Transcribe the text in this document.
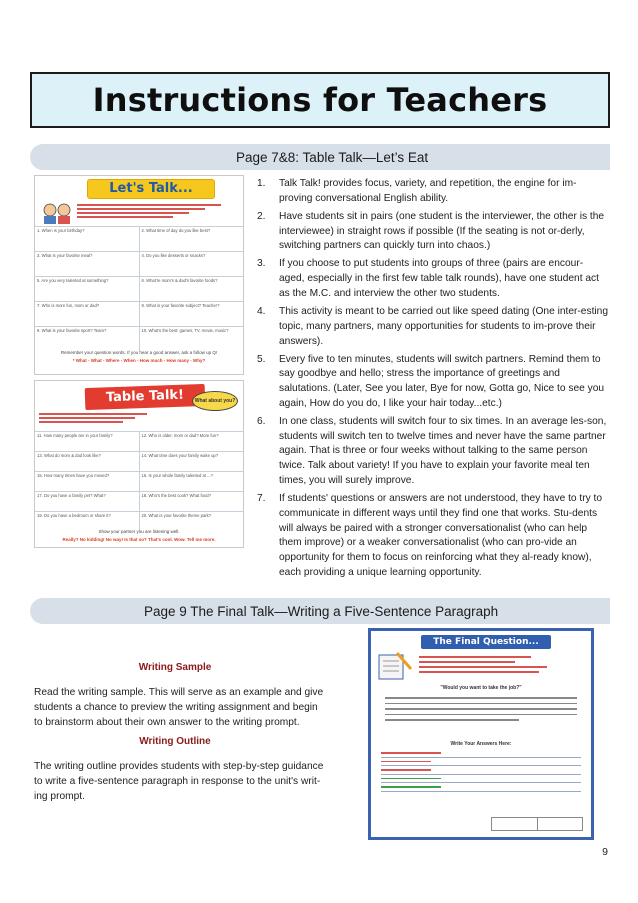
Instructions for Teachers
Page 7&8: Table Talk—Let’s Eat
Let's Talk...
1. When is your birthday?	2. What time of day do you like best?
3. What is your favorite meal?	4. Do you like desserts or snacks?
5. Are you very talented at something?	6. What're mom's & dad's favorite foods?
7. Who is more fun, mom or dad?	8. What is your favorite subject? Teacher?
9. What is your favorite sport? Team?	10. What's the best: games, TV, movie, music?
Remember your question words. If you hear a good answer, ask a follow up Q!
* What - What - Where - When - How much - How many - Why?
Table Talk!	What about you?
11. How many people are in your family?	12. Who is older, mom or dad? More fun?
13. What do mom & dad look like?	14. What time does your family wake up?
15. How many times have you moved?	16. Is your whole family talented at ...?
17. Do you have a family pet? What?	18. Who's the best cook? What food?
19. Do you have a bedroom or share it?	20. What is your favorite theme park?
Show your partner you are listening well.
Really? No kidding! No way! Is that so? That's cool. Wow. Tell me more.
1. Talk Talk! provides focus, variety, and repetition, the engine for im-proving conversational English ability.
2. Have students sit in pairs (one student is the interviewer, the other is the interviewee) in straight rows if possible (If the seating is not or-derly, switching partners can quickly turn into chaos.)
3. If you choose to put students into groups of three (pairs are encour-aged, especially in the first few table talk rounds), have one student act as the M.C. and interview the other two students.
4. This activity is meant to be carried out like speed dating (One inter-esting topic, many partners, many opportunities for students to im-prove their answers).
5. Every five to ten minutes, students will switch partners. Remind them to say goodbye and hello; stress the importance of greetings and salutations. (Later, See you later, Bye for now, Gotta go, Nice to see you again, How do you do, I like your hair today...etc.)
6. In one class, students will switch four to six times. In an average les-son, students will switch ten to twelve times and never have the same partner again. That is three or four weeks without talking to the same person twice. Talk about variety! If you have to explain your favorite meal ten times, you will surely improve.
7. If students' questions or answers are not understood, they have to try to communicate in different ways until they find one that works. Stu-dents will always be paired with a stronger conversationalist (who can help them improve) or a weaker conversationalist (who can pro-vide an opportunity for them to focus on reinforcing what they al-ready know), each providing a unique learning opportunity.
Page 9 The Final Talk—Writing a Five-Sentence Paragraph
Writing Sample
Read the writing sample. This will serve as an example and give students a chance to preview the writing assignment and begin to brainstorm about their own answer to the writing prompt.
Writing Outline
The writing outline provides students with step-by-step guidance to write a five-sentence paragraph in response to the unit's writ-ing prompt.
The Final Question...
"Would you want to take the job?"
Write Your Answers Here:
9
